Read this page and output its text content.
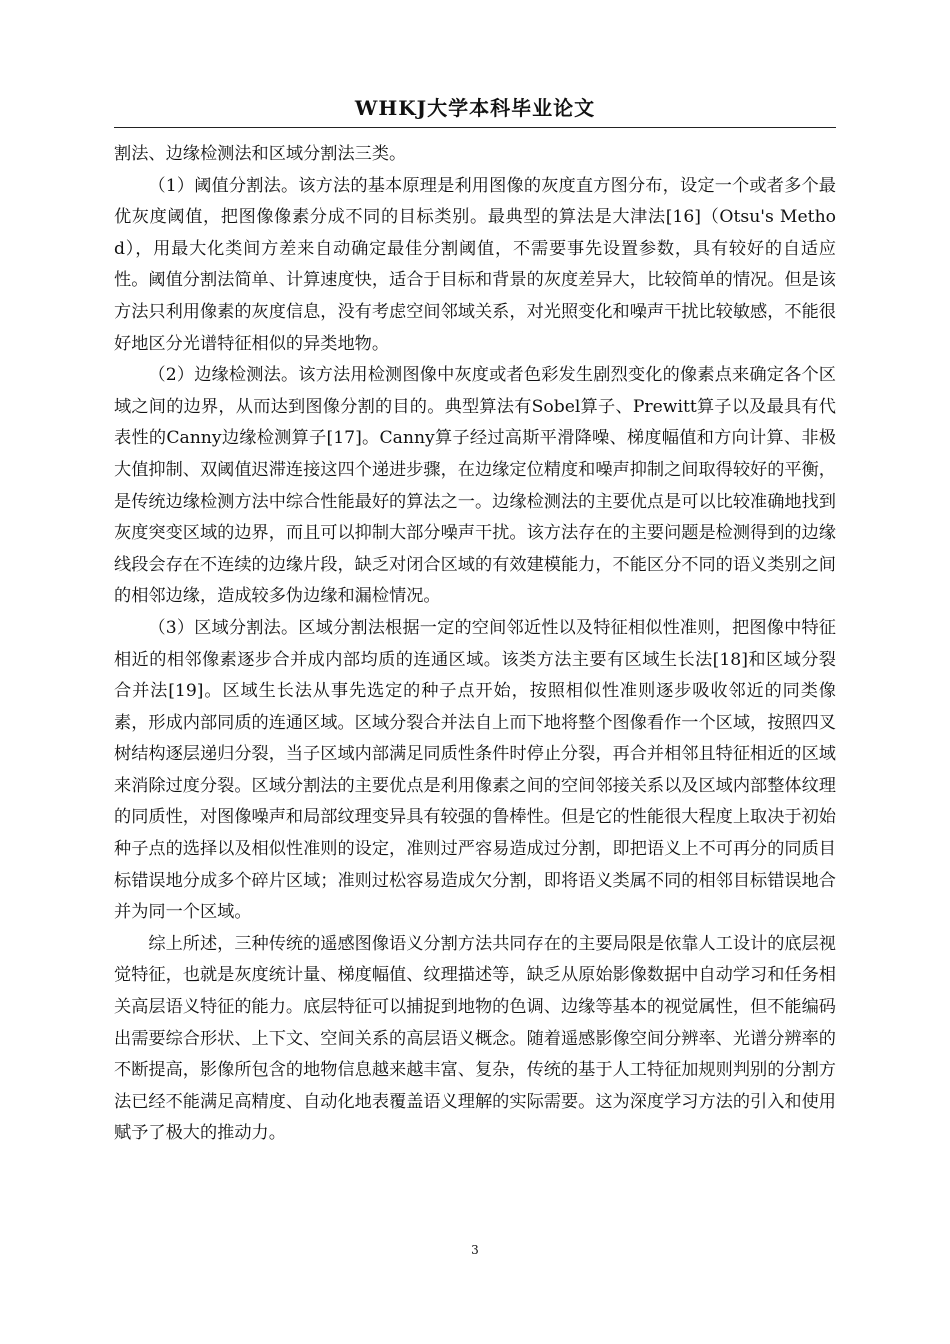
WHKJ大学本科毕业论文

割法、边缘检测法和区域分割法三类。

（1）阈值分割法。该方法的基本原理是利用图像的灰度直方图分布，设定一个或者多个最优灰度阈值，把图像像素分成不同的目标类别。最典型的算法是大津法[16]（Otsu's Method），用最大化类间方差来自动确定最佳分割阈值，不需要事先设置参数，具有较好的自适应性。阈值分割法简单、计算速度快，适合于目标和背景的灰度差异大，比较简单的情况。但是该方法只利用像素的灰度信息，没有考虑空间邻域关系，对光照变化和噪声干扰比较敏感，不能很好地区分光谱特征相似的异类地物。

（2）边缘检测法。该方法用检测图像中灰度或者色彩发生剧烈变化的像素点来确定各个区域之间的边界，从而达到图像分割的目的。典型算法有Sobel算子、Prewitt算子以及最具有代表性的Canny边缘检测算子[17]。Canny算子经过高斯平滑降噪、梯度幅值和方向计算、非极大值抑制、双阈值迟滞连接这四个递进步骤，在边缘定位精度和噪声抑制之间取得较好的平衡，是传统边缘检测方法中综合性能最好的算法之一。边缘检测法的主要优点是可以比较准确地找到灰度突变区域的边界，而且可以抑制大部分噪声干扰。该方法存在的主要问题是检测得到的边缘线段会存在不连续的边缘片段，缺乏对闭合区域的有效建模能力，不能区分不同的语义类别之间的相邻边缘，造成较多伪边缘和漏检情况。

（3）区域分割法。区域分割法根据一定的空间邻近性以及特征相似性准则，把图像中特征相近的相邻像素逐步合并成内部均质的连通区域。该类方法主要有区域生长法[18]和区域分裂合并法[19]。区域生长法从事先选定的种子点开始，按照相似性准则逐步吸收邻近的同类像素，形成内部同质的连通区域。区域分裂合并法自上而下地将整个图像看作一个区域，按照四叉树结构逐层递归分裂，当子区域内部满足同质性条件时停止分裂，再合并相邻且特征相近的区域来消除过度分裂。区域分割法的主要优点是利用像素之间的空间邻接关系以及区域内部整体纹理的同质性，对图像噪声和局部纹理变异具有较强的鲁棒性。但是它的性能很大程度上取决于初始种子点的选择以及相似性准则的设定，准则过严容易造成过分割，即把语义上不可再分的同质目标错误地分成多个碎片区域；准则过松容易造成欠分割，即将语义类属不同的相邻目标错误地合并为同一个区域。

综上所述，三种传统的遥感图像语义分割方法共同存在的主要局限是依靠人工设计的底层视觉特征，也就是灰度统计量、梯度幅值、纹理描述等，缺乏从原始影像数据中自动学习和任务相关高层语义特征的能力。底层特征可以捕捉到地物的色调、边缘等基本的视觉属性，但不能编码出需要综合形状、上下文、空间关系的高层语义概念。随着遥感影像空间分辨率、光谱分辨率的不断提高，影像所包含的地物信息越来越丰富、复杂，传统的基于人工特征加规则判别的分割方法已经不能满足高精度、自动化地表覆盖语义理解的实际需要。这为深度学习方法的引入和使用赋予了极大的推动力。

3
